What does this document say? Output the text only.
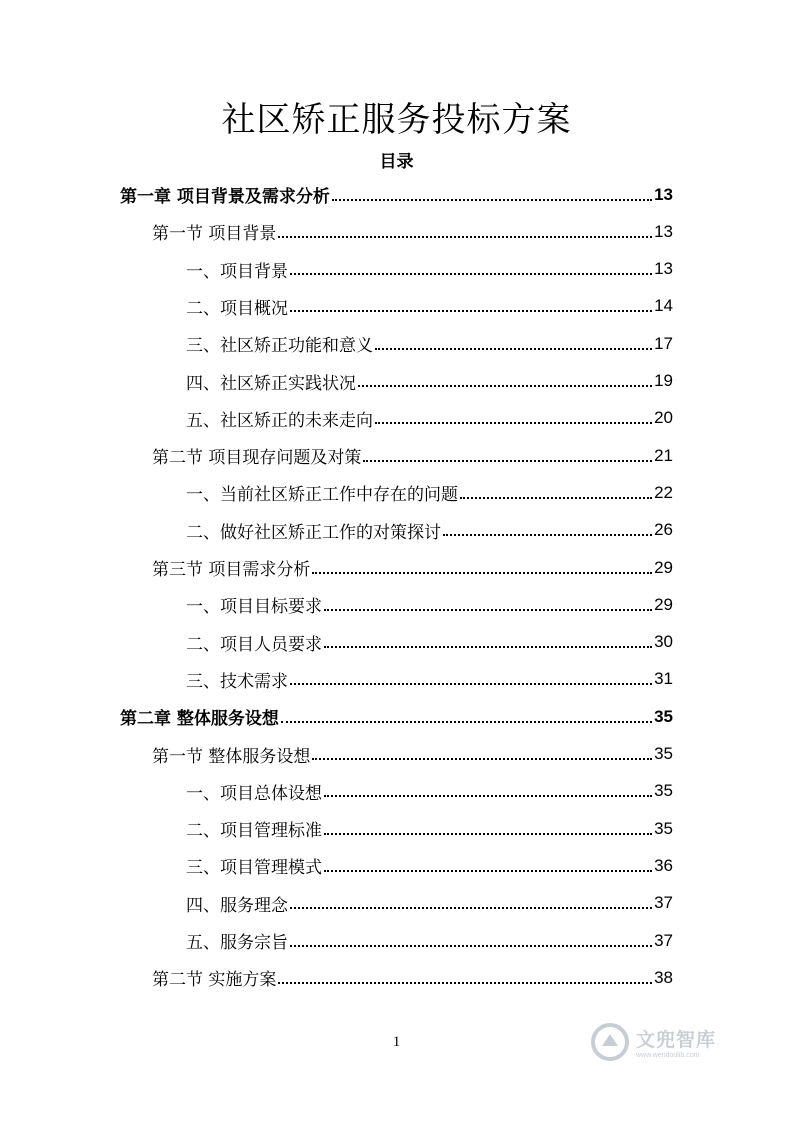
社区矫正服务投标方案
目录
第一章 项目背景及需求分析	13
第一节 项目背景	13
一、项目背景	13
二、项目概况	14
三、社区矫正功能和意义	17
四、社区矫正实践状况	19
五、社区矫正的未来走向	20
第二节 项目现存问题及对策	21
一、当前社区矫正工作中存在的问题	22
二、做好社区矫正工作的对策探讨	26
第三节 项目需求分析	29
一、项目目标要求	29
二、项目人员要求	30
三、技术需求	31
第二章 整体服务设想	35
第一节 整体服务设想	35
一、项目总体设想	35
二、项目管理标准	35
三、项目管理模式	36
四、服务理念	37
五、服务宗旨	37
第二节 实施方案	38
1	文兜智库
www.wendoulib.com
